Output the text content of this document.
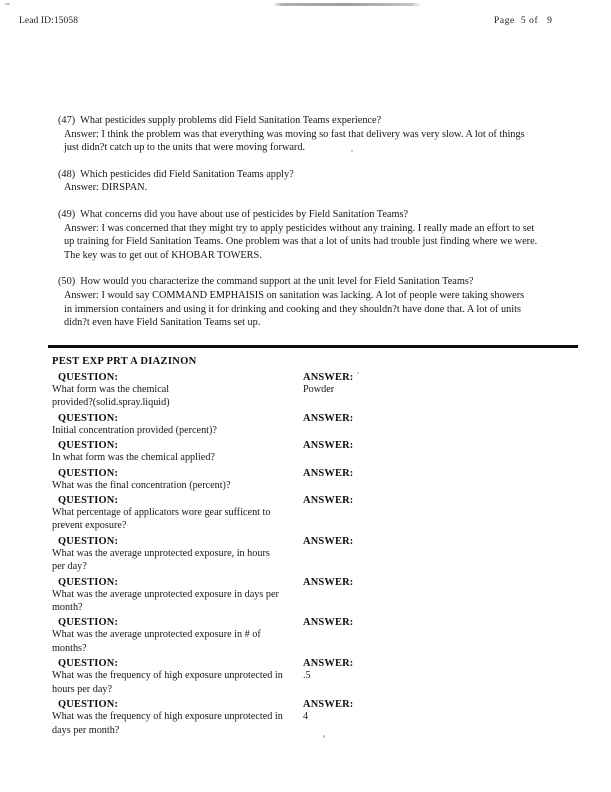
Lead ID:15058	Page  5 of   9
(47)  What pesticides supply problems did Field Sanitation Teams experience?
Answer: I think the problem was that everything was moving so fast that delivery was very slow. A lot of things
just didn?t catch up to the units that were moving forward.
(48)  Which pesticides did Field Sanitation Teams apply?
Answer: DIRSPAN.
(49)  What concerns did you have about use of pesticides by Field Sanitation Teams?
Answer: I was concerned that they might try to apply pesticides without any training. I really made an effort to set
up training for Field Sanitation Teams. One problem was that a lot of units had trouble just finding where we were.
The key was to get out of KHOBAR TOWERS.
(50)  How would you characterize the command support at the unit level for Field Sanitation Teams?
Answer: I would say COMMAND EMPHAISIS on sanitation was lacking. A lot of people were taking showers
in immersion containers and using it for drinking and cooking and they shouldn?t have done that. A lot of units
didn?t even have Field Sanitation Teams set up.
PEST EXP PRT A DIAZINON
QUESTION:
What form was the chemical
provided?(solid.spray.liquid)
ANSWER:
Powder
QUESTION:
Initial concentration provided (percent)?
ANSWER:
QUESTION:
In what form was the chemical applied?
ANSWER:
QUESTION:
What was the final concentration (percent)?
ANSWER:
QUESTION:
What percentage of applicators wore gear sufficent to
prevent exposure?
ANSWER:
QUESTION:
What was the average unprotected exposure, in hours
per day?
ANSWER:
QUESTION:
What was the average unprotected exposure in days per
month?
ANSWER:
QUESTION:
What was the average unprotected exposure in # of
months?
ANSWER:
QUESTION:
What was the frequency of high exposure unprotected in
hours per day?
ANSWER:
.5
QUESTION:
What was the frequency of high exposure unprotected in
days per month?
ANSWER:
4
